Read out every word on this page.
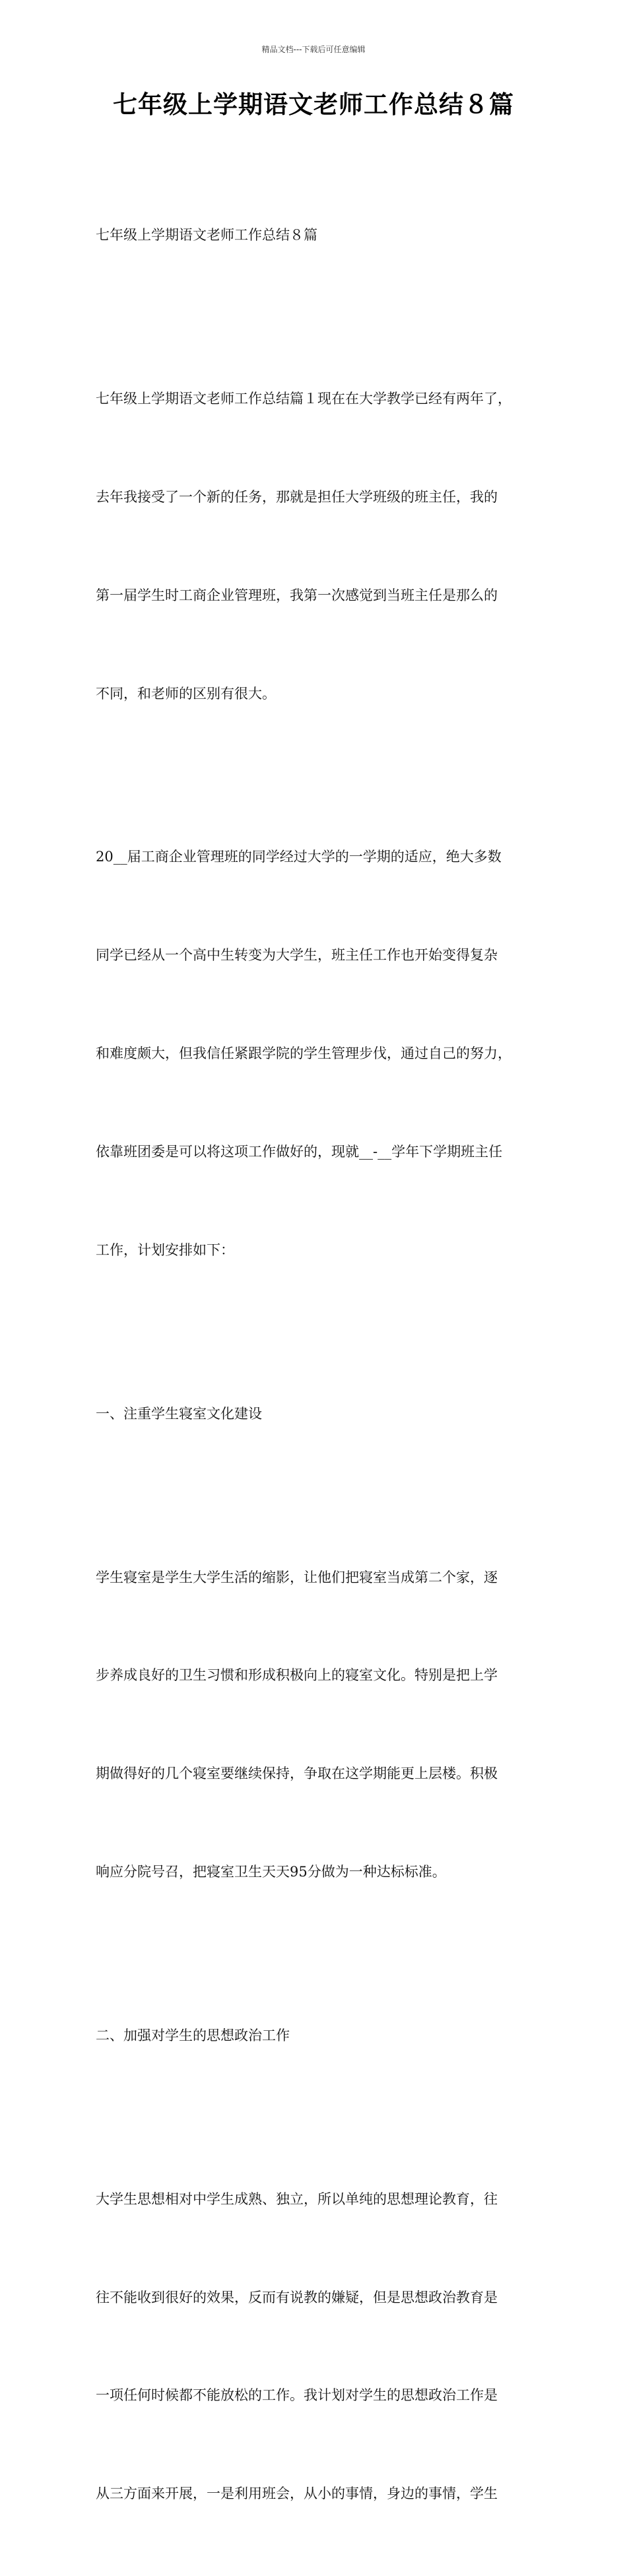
精品文档---下载后可任意编辑
七年级上学期语文老师工作总结８篇

七年级上学期语文老师工作总结８篇

七年级上学期语文老师工作总结篇１现在在大学教学已经有两年了，

去年我接受了一个新的任务，那就是担任大学班级的班主任，我的

第一届学生时工商企业管理班，我第一次感觉到当班主任是那么的

不同，和老师的区别有很大。

20__届工商企业管理班的同学经过大学的一学期的适应，绝大多数

同学已经从一个高中生转变为大学生，班主任工作也开始变得复杂

和难度颇大，但我信任紧跟学院的学生管理步伐，通过自己的努力，

依靠班团委是可以将这项工作做好的，现就__-__学年下学期班主任

工作，计划安排如下：

一、注重学生寝室文化建设

学生寝室是学生大学生活的缩影，让他们把寝室当成第二个家，逐

步养成良好的卫生习惯和形成积极向上的寝室文化。特别是把上学

期做得好的几个寝室要继续保持，争取在这学期能更上层楼。积极

响应分院号召，把寝室卫生天天95分做为一种达标标准。

二、加强对学生的思想政治工作

大学生思想相对中学生成熟、独立，所以单纯的思想理论教育，往

往不能收到很好的效果，反而有说教的嫌疑，但是思想政治教育是

一项任何时候都不能放松的工作。我计划对学生的思想政治工作是

从三方面来开展，一是利用班会，从小的事情，身边的事情，学生
